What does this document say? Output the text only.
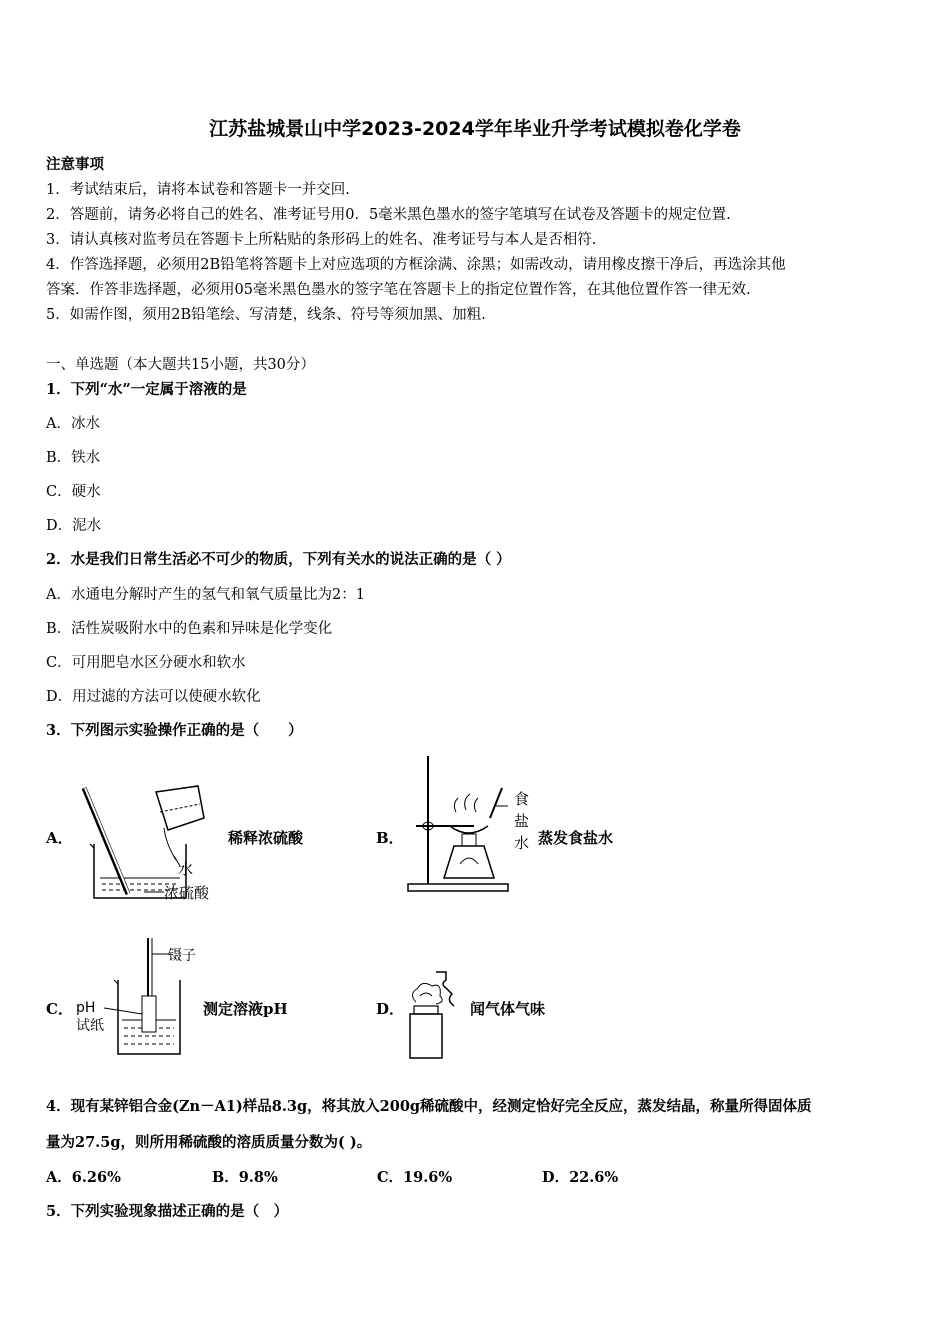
江苏盐城景山中学2023-2024学年毕业升学考试模拟卷化学卷
注意事项
1．考试结束后，请将本试卷和答题卡一并交回.
2．答题前，请务必将自己的姓名、准考证号用0．5毫米黑色墨水的签字笔填写在试卷及答题卡的规定位置.
3．请认真核对监考员在答题卡上所粘贴的条形码上的姓名、准考证号与本人是否相符.
4．作答选择题，必须用2B铅笔将答题卡上对应选项的方框涂满、涂黑；如需改动，请用橡皮擦干净后，再选涂其他
答案．作答非选择题，必须用05毫米黑色墨水的签字笔在答题卡上的指定位置作答，在其他位置作答一律无效.
5．如需作图，须用2B铅笔绘、写清楚，线条、符号等须加黑、加粗.
一、单选题（本大题共15小题，共30分）
1．下列“水”一定属于溶液的是
A．冰水
B．铁水
C．硬水
D．泥水
2．水是我们日常生活必不可少的物质，下列有关水的说法正确的是（ ）
A．水通电分解时产生的氢气和氧气质量比为2：1
B．活性炭吸附水中的色素和异味是化学变化
C．可用肥皂水区分硬水和软水
D．用过滤的方法可以使硬水软化
3．下列图示实验操作正确的是（　　）
A．
水
浓硫酸
稀释浓硫酸	B．
食
盐
水 蒸发食盐水
C．
镊子
pH
试纸
测定溶液pH	D．	闻气体气味
4．现有某锌铝合金(Zn－A1)样品8.3g，将其放入200g稀硫酸中，经测定恰好完全反应，蒸发结晶，称量所得固体质
量为27.5g，则所用稀硫酸的溶质质量分数为( )。
A．6.26%	B．9.8%	C．19.6%	D．22.6%
5．下列实验现象描述正确的是（　）
